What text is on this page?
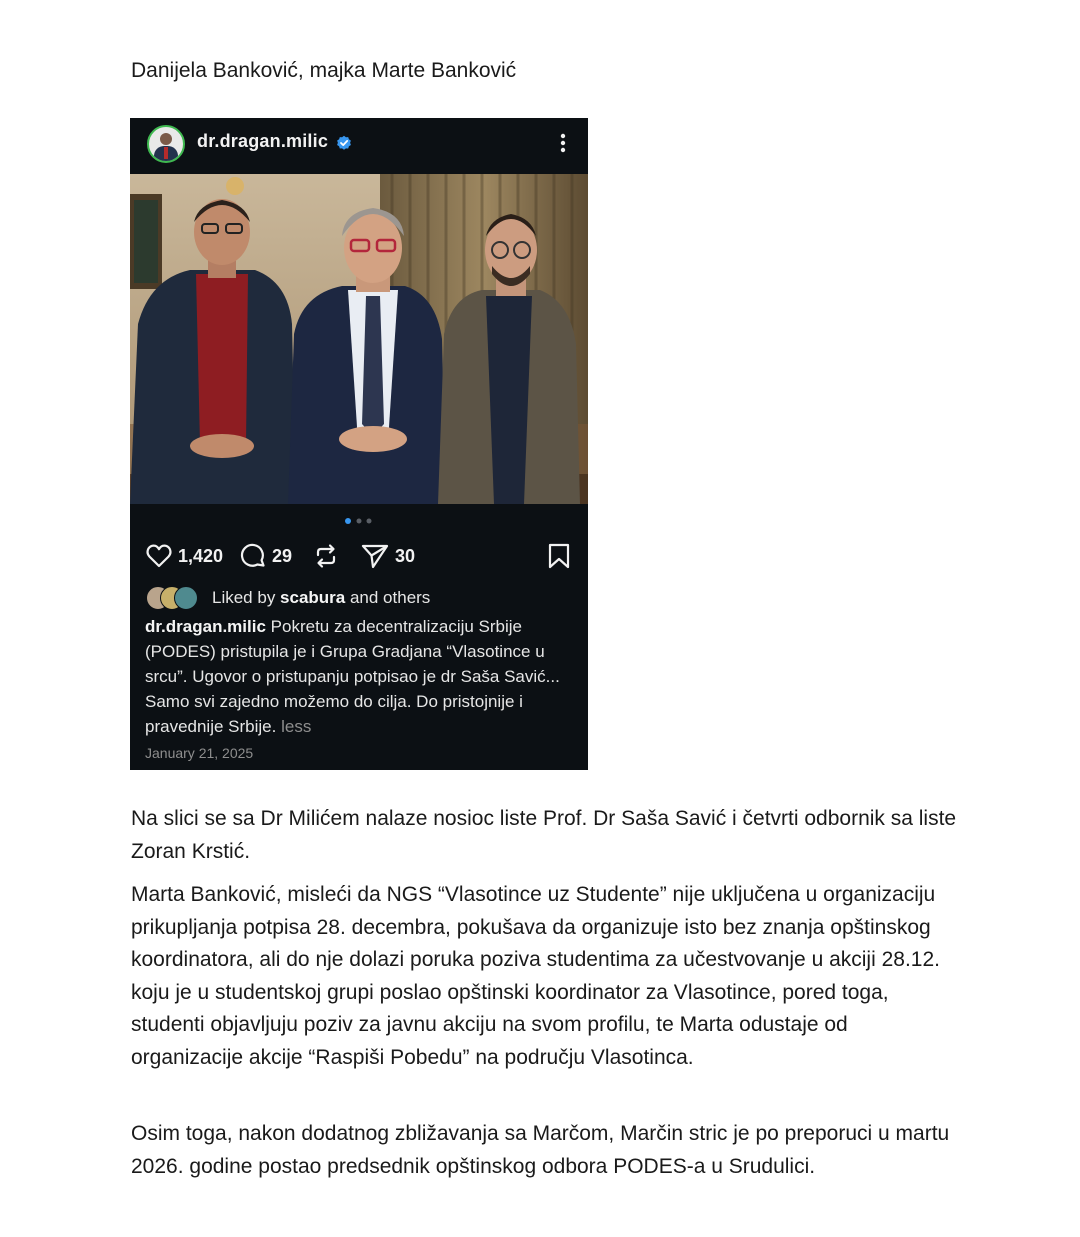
Danijela Banković, majka Marte Banković
dr.dragan.milic
1,420	29	30
Liked by scabura and others
dr.dragan.milic Pokretu za decentralizaciju Srbije (PODES) pristupila je i Grupa Gradjana “Vlasotince u srcu”. Ugovor o pristupanju potpisao je dr Saša Savić... Samo svi zajedno možemo do cilja. Do pristojnije i pravednije Srbije. less
January 21, 2025
Na slici se sa Dr Milićem nalaze nosioc liste Prof. Dr Saša Savić i četvrti odbornik sa liste Zoran Krstić.
Marta Banković, misleći da NGS “Vlasotince uz Studente” nije uključena u organizaciju prikupljanja potpisa 28. decembra, pokušava da organizuje isto bez znanja opštinskog koordinatora, ali do nje dolazi poruka poziva studentima za učestvovanje u akciji 28.12. koju je u studentskoj grupi poslao opštinski koordinator za Vlasotince, pored toga, studenti objavljuju poziv za javnu akciju na svom profilu, te Marta odustaje od organizacije akcije “Raspiši Pobedu” na području Vlasotinca.
Osim toga, nakon dodatnog zbližavanja sa Marčom, Marčin stric je po preporuci u martu 2026. godine postao predsednik opštinskog odbora PODES-a u Srudulici.
